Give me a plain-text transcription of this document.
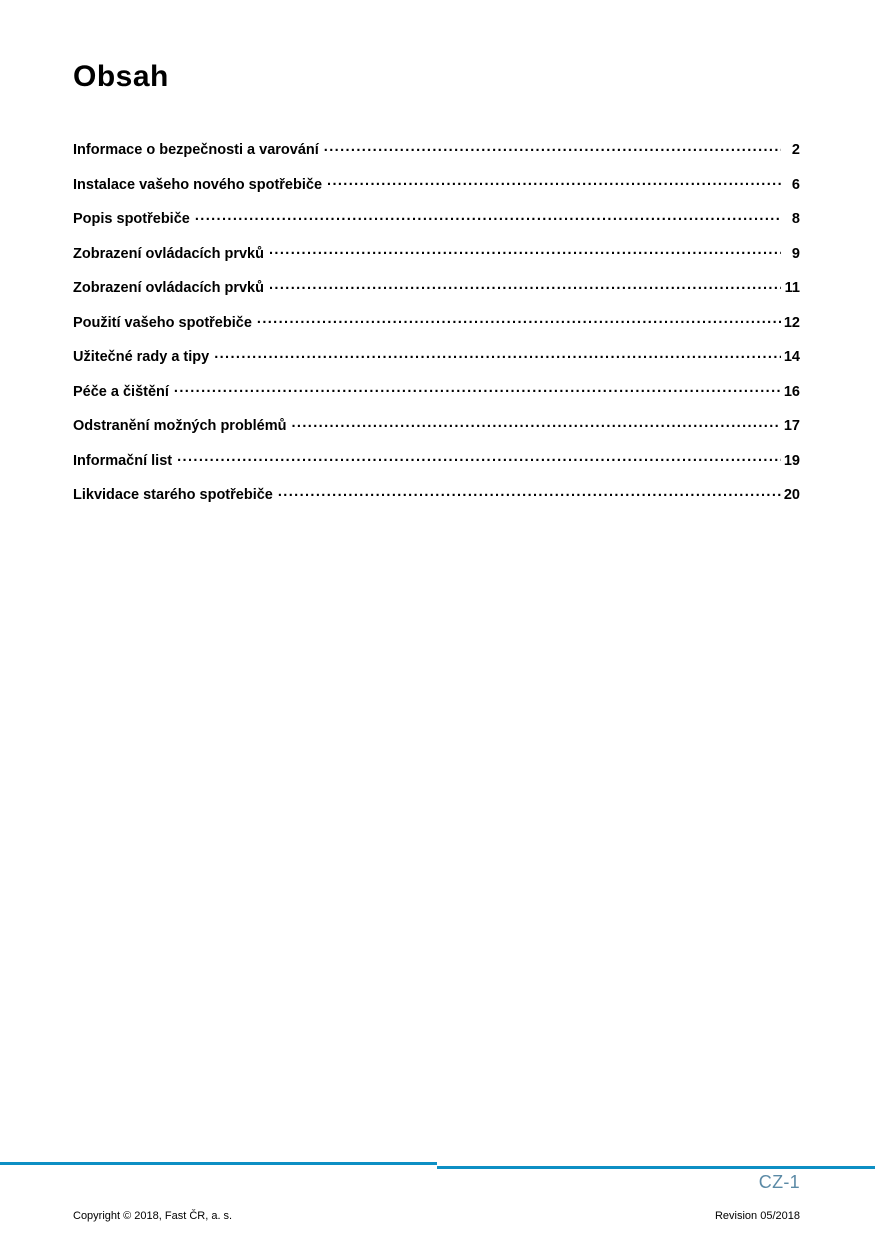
Obsah
Informace o bezpečnosti a varování .....	2
Instalace vašeho nového spotřebiče .....	6
Popis spotřebiče .....	8
Zobrazení ovládacích prvků .....	9
Zobrazení ovládacích prvků .....	11
Použití vašeho spotřebiče .....	12
Užitečné rady a tipy .....	14
Péče a čištění .....	16
Odstranění možných problémů .....	17
Informační list .....	19
Likvidace starého spotřebiče .....	20
CZ-1
Copyright © 2018, Fast ČR, a. s.	Revision 05/2018
